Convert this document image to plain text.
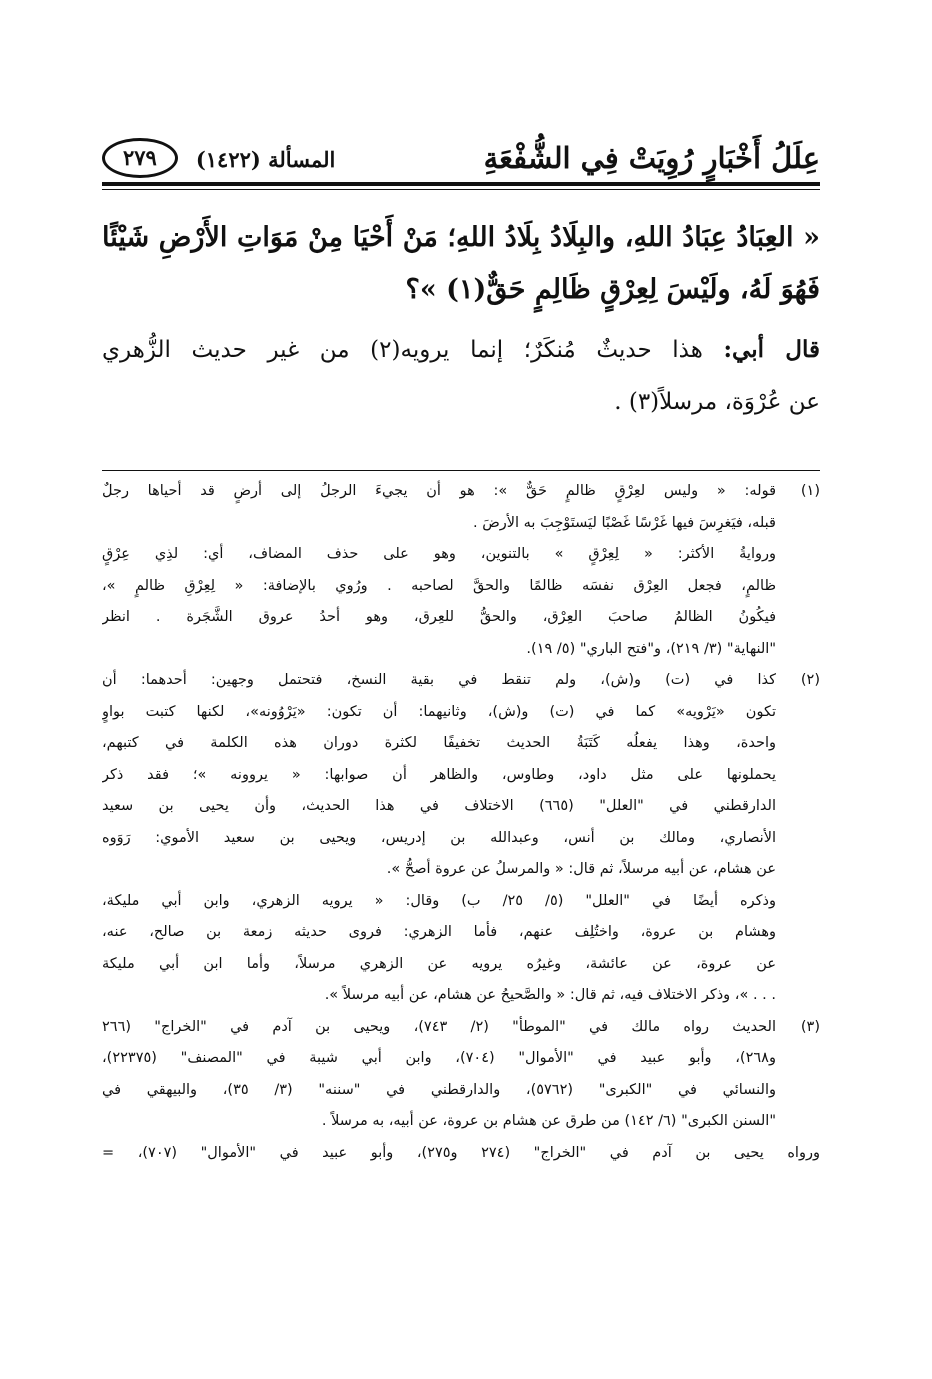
عِلَلُ أَخْبَارٍ رُوِيَتْ فِي الشُّفْعَةِ
المسألة (١٤٢٢)
٢٧٩
« العِبَادُ عِبَادُ اللهِ، والبِلَادُ بِلَادُ اللهِ؛ مَنْ أَحْيَا مِنْ مَوَاتِ الأَرْضِ شَيْئًا
فَهُوَ لَهُ، ولَيْسَ لِعِرْقٍ ظَالِمٍ حَقٌّ(١) »؟
قال أبي: هذا حديثٌ مُنكَرٌ؛ إنما يرويه(٢) من غير حديث الزُّهري
عن عُرْوَة، مرسلاً(٣) .
(١)
قوله: « وليس لعِرْقٍ ظالمٍ حَقٌّ »: هو أن يجيءَ الرجلُ إلى أرضٍ قد أحياها رجلٌ
قبله، فيَغرِسَ فيها غَرْسًا غَصْبًا ليَستَوْجِبَ به الأرضَ .
وروايةُ الأكثر: « لِعِرْقٍ » بالتنوين، وهو على حذف المضاف، أي: لذِي عِرْقٍ
ظالمٍ، فجعل العِرْق نفسَه ظالمًا والحقَّ لصاحبه . ورُوي بالإضافة: « لِعِرْقِ ظالمٍ »،
فيكُونُ الظالمُ صاحبَ العِرْق، والحقُّ للعِرق، وهو أحدُ عروق الشَّجَرة . انظر
"النهاية" (٣/ ٢١٩)، و"فتح الباري" (٥/ ١٩).
(٢)
كذا في (ت) و(ش)، ولم تنقط في بقية النسخ، فتحتمل وجهين: أحدهما: أن
تكون «يَرْويه» كما في (ت) و(ش)، وثانيهما: أن تكون: «يَرْوُونه»، لكنها كتبت بواوٍ
واحدة، وهذا يفعلُه كَتَبَةُ الحديث تخفيفًا لكثرة دوران هذه الكلمة في كتبهم،
يحملونها على مثل داود، وطاوس، والظاهر أن صوابها: « يروونه »؛ فقد ذكر
الدارقطني في "العلل" (٦٦٥) الاختلاف في هذا الحديث، وأن يحيى بن سعيد
الأنصاري، ومالك بن أنس، وعبدالله بن إدريس، ويحيى بن سعيد الأموي: رَوَوه
عن هشام، عن أبيه مرسلاً، ثم قال: « والمرسلُ عن عروة أصحُّ ».
وذكره أيضًا في "العلل" (٥/ ٢٥/ ب) وقال: « يرويه الزهري، وابن أبي مليكة،
وهشام بن عروة، واختُلِف عنهم، فأما الزهري: فروى حديثه زمعة بن صالح، عنه،
عن عروة، عن عائشة، وغيرُه يرويه عن الزهري مرسلاً، وأما ابن أبي مليكة
. . . »، وذكر الاختلاف فيه، ثم قال: « والصَّحيحُ عن هشام، عن أبيه مرسلاً ».
(٣)
الحديث رواه مالك في "الموطأ" (٢/ ٧٤٣)، ويحيى بن آدم في "الخراج" (٢٦٦
و٢٦٨)، وأبو عبيد في "الأموال" (٧٠٤)، وابن أبي شيبة في "المصنف" (٢٢٣٧٥)،
والنسائي في "الكبرى" (٥٧٦٢)، والدارقطني في "سننه" (٣/ ٣٥)، والبيهقي في
"السنن الكبرى" (٦/ ١٤٢) من طرق عن هشام بن عروة، عن أبيه، به مرسلاً .
ورواه يحيى بن آدم في "الخراج" (٢٧٤ و٢٧٥)، وأبو عبيد في "الأموال" (٧٠٧)، =
